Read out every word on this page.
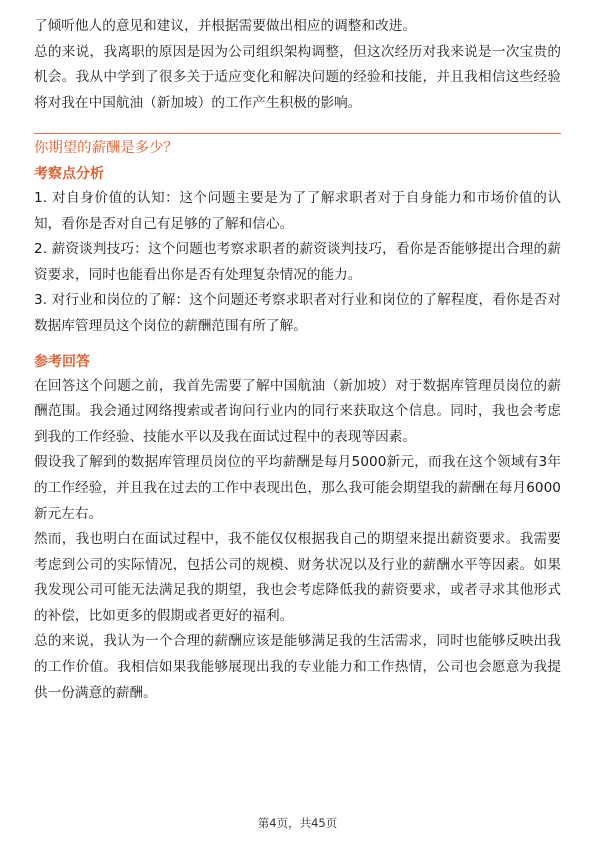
了倾听他人的意见和建议，并根据需要做出相应的调整和改进。

总的来说，我离职的原因是因为公司组织架构调整，但这次经历对我来说是一次宝贵的机会。我从中学到了很多关于适应变化和解决问题的经验和技能，并且我相信这些经验将对我在中国航油（新加坡）的工作产生积极的影响。

你期望的薪酬是多少？

考察点分析

1. 对自身价值的认知：这个问题主要是为了了解求职者对于自身能力和市场价值的认知，看你是否对自己有足够的了解和信心。

2. 薪资谈判技巧：这个问题也考察求职者的薪资谈判技巧，看你是否能够提出合理的薪资要求，同时也能看出你是否有处理复杂情况的能力。

3. 对行业和岗位的了解：这个问题还考察求职者对行业和岗位的了解程度，看你是否对数据库管理员这个岗位的薪酬范围有所了解。

参考回答

在回答这个问题之前，我首先需要了解中国航油（新加坡）对于数据库管理员岗位的薪酬范围。我会通过网络搜索或者询问行业内的同行来获取这个信息。同时，我也会考虑到我的工作经验、技能水平以及我在面试过程中的表现等因素。

假设我了解到的数据库管理员岗位的平均薪酬是每月5000新元，而我在这个领域有3年的工作经验，并且我在过去的工作中表现出色，那么我可能会期望我的薪酬在每月6000新元左右。

然而，我也明白在面试过程中，我不能仅仅根据我自己的期望来提出薪资要求。我需要考虑到公司的实际情况，包括公司的规模、财务状况以及行业的薪酬水平等因素。如果我发现公司可能无法满足我的期望，我也会考虑降低我的薪资要求，或者寻求其他形式的补偿，比如更多的假期或者更好的福利。

总的来说，我认为一个合理的薪酬应该是能够满足我的生活需求，同时也能够反映出我的工作价值。我相信如果我能够展现出我的专业能力和工作热情，公司也会愿意为我提供一份满意的薪酬。

第4页，共45页
